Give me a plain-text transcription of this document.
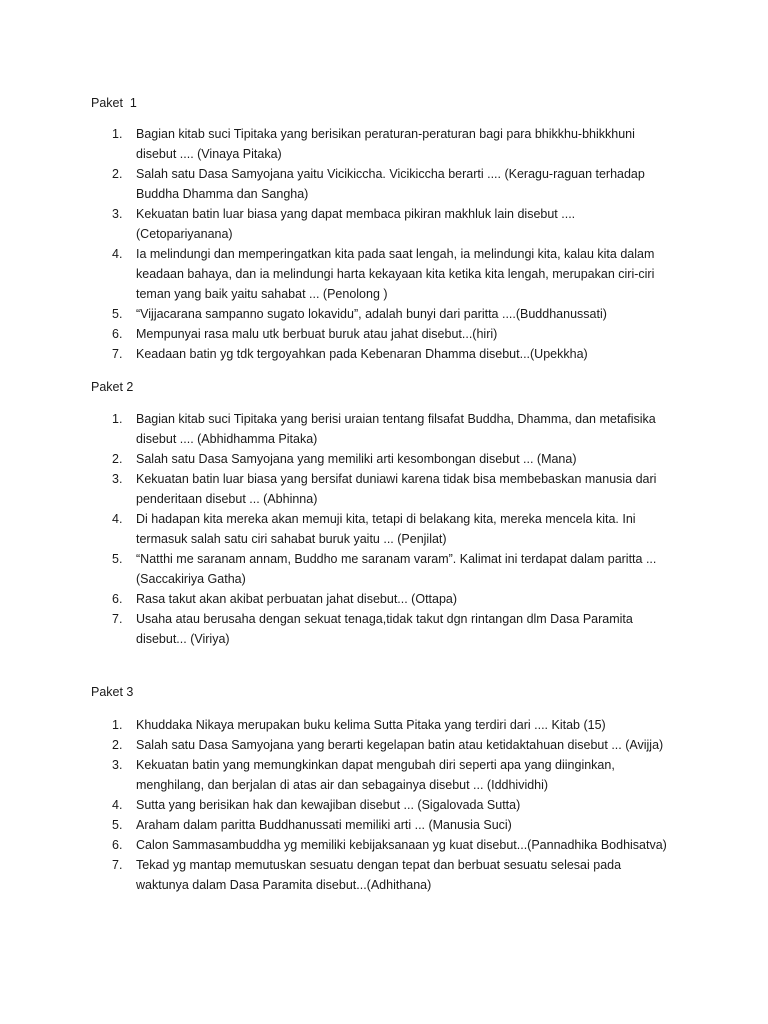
Paket  1
1. Bagian kitab suci Tipitaka yang berisikan peraturan-peraturan bagi para bhikkhu-bhikkhuni disebut .... (Vinaya Pitaka)
2. Salah satu Dasa Samyojana yaitu Vicikiccha. Vicikiccha berarti .... (Keragu-raguan terhadap Buddha Dhamma dan Sangha)
3. Kekuatan batin luar biasa yang dapat membaca pikiran makhluk lain disebut .... (Cetopariyanana)
4. Ia melindungi dan memperingatkan kita pada saat lengah, ia melindungi kita, kalau kita dalam keadaan bahaya, dan ia melindungi harta kekayaan kita ketika kita lengah, merupakan ciri-ciri teman yang baik yaitu sahabat ... (Penolong )
5. “Vijjacarana sampanno sugato lokavidu”, adalah bunyi dari paritta ....(Buddhanussati)
6. Mempunyai rasa malu utk berbuat buruk atau jahat disebut...(hiri)
7. Keadaan batin yg tdk tergoyahkan pada Kebenaran Dhamma disebut...(Upekkha)
Paket 2
1. Bagian kitab suci Tipitaka yang berisi uraian tentang filsafat Buddha, Dhamma, dan metafisika disebut .... (Abhidhamma Pitaka)
2. Salah satu Dasa Samyojana yang memiliki arti kesombongan disebut ... (Mana)
3. Kekuatan batin luar biasa yang bersifat duniawi karena tidak bisa membebaskan manusia dari penderitaan disebut ... (Abhinna)
4. Di hadapan kita mereka akan memuji kita, tetapi di belakang kita, mereka mencela kita. Ini termasuk salah satu ciri sahabat buruk yaitu ... (Penjilat)
5. “Natthi me saranam annam, Buddho me saranam varam”. Kalimat ini terdapat dalam paritta ... (Saccakiriya Gatha)
6. Rasa takut akan akibat perbuatan jahat disebut... (Ottapa)
7. Usaha atau berusaha dengan sekuat tenaga,tidak takut dgn rintangan dlm Dasa Paramita disebut... (Viriya)
Paket 3
1. Khuddaka Nikaya merupakan buku kelima Sutta Pitaka yang terdiri dari .... Kitab (15)
2. Salah satu Dasa Samyojana yang berarti kegelapan batin atau ketidaktahuan disebut ... (Avijja)
3. Kekuatan batin yang memungkinkan dapat mengubah diri seperti apa yang diinginkan, menghilang, dan berjalan di atas air dan sebagainya disebut ... (Iddhividhi)
4. Sutta yang berisikan hak dan kewajiban disebut ... (Sigalovada Sutta)
5. Araham dalam paritta Buddhanussati memiliki arti ... (Manusia Suci)
6. Calon Sammasambuddha yg memiliki kebijaksanaan yg kuat disebut...(Pannadhika Bodhisatva)
7. Tekad yg mantap memutuskan sesuatu dengan tepat dan berbuat sesuatu selesai pada waktunya dalam Dasa Paramita disebut...(Adhithana)
